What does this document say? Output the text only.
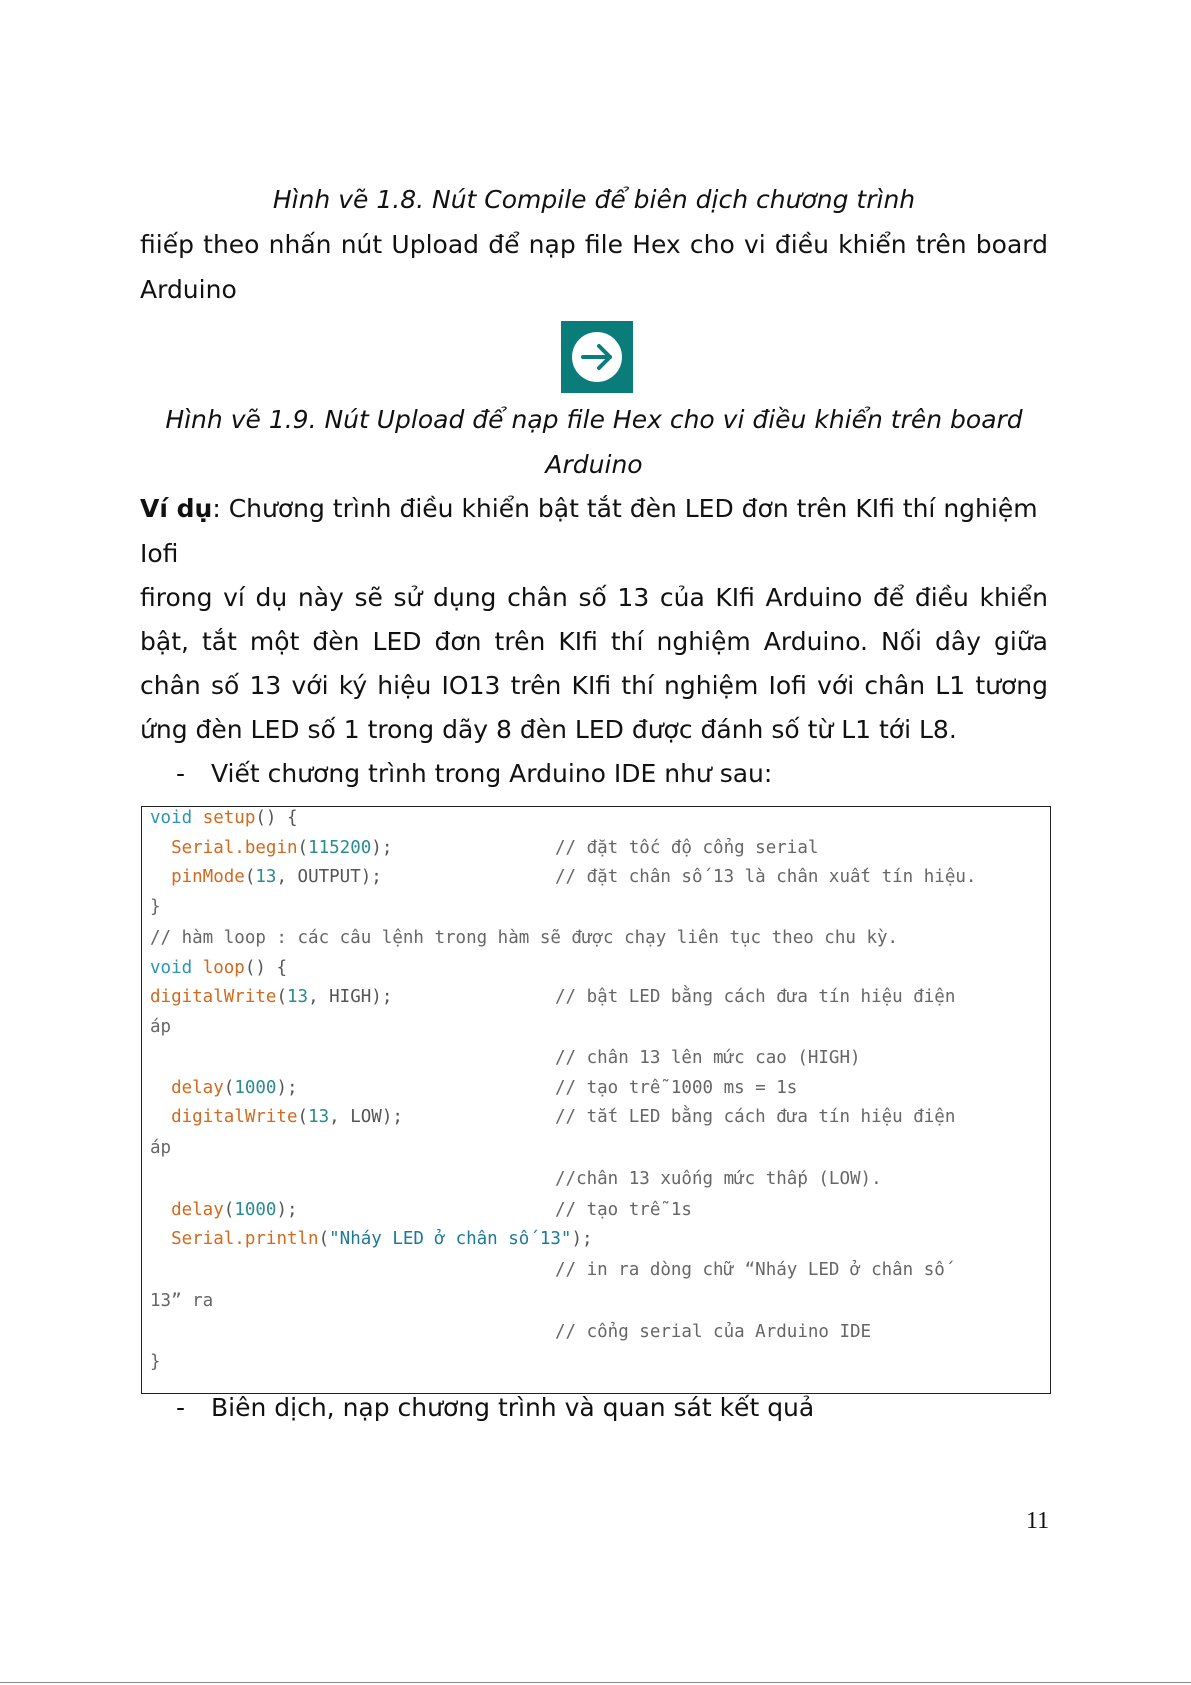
Hình vẽ 1.8. Nút Compile để biên dịch chương trình
fiiếp theo nhấn nút Upload để nạp file Hex cho vi điều khiển trên board
Arduino
Hình vẽ 1.9. Nút Upload để nạp file Hex cho vi điều khiển trên board
Arduino
Ví dụ: Chương trình điều khiển bật tắt đèn LED đơn trên KIfi thí nghiệm
Iofi
firong ví dụ này sẽ sử dụng chân số 13 của KIfi Arduino để điều khiển
bật, tắt một đèn LED đơn trên KIfi thí nghiệm Arduino. Nối dây giữa
chân số 13 với ký hiệu IO13 trên KIfi thí nghiệm Iofi với chân L1 tương
ứng đèn LED số 1 trong dãy 8 đèn LED được đánh số từ L1 tới L8.
- Viết chương trình trong Arduino IDE như sau:
void setup() {
Serial.begin(115200);	// đặt tốc độ cổng serial
pinMode(13, OUTPUT);	// đặt chân số 13 là chân xuất tín hiệu.
}
// hàm loop : các câu lệnh trong hàm sẽ được chạy liên tục theo chu kỳ.
void loop() {
digitalWrite(13, HIGH);	// bật LED bằng cách đưa tín hiệu điện
áp
// chân 13 lên mức cao (HIGH)
delay(1000);	// tạo trễ 1000 ms = 1s
digitalWrite(13, LOW);	// tắt LED bằng cách đưa tín hiệu điện
áp
//chân 13 xuống mức thấp (LOW).
delay(1000);	// tạo trễ 1s
Serial.println("Nháy LED ở chân số 13");
// in ra dòng chữ “Nháy LED ở chân số
13” ra
// cổng serial của Arduino IDE
}
- Biên dịch, nạp chương trình và quan sát kết quả
11
